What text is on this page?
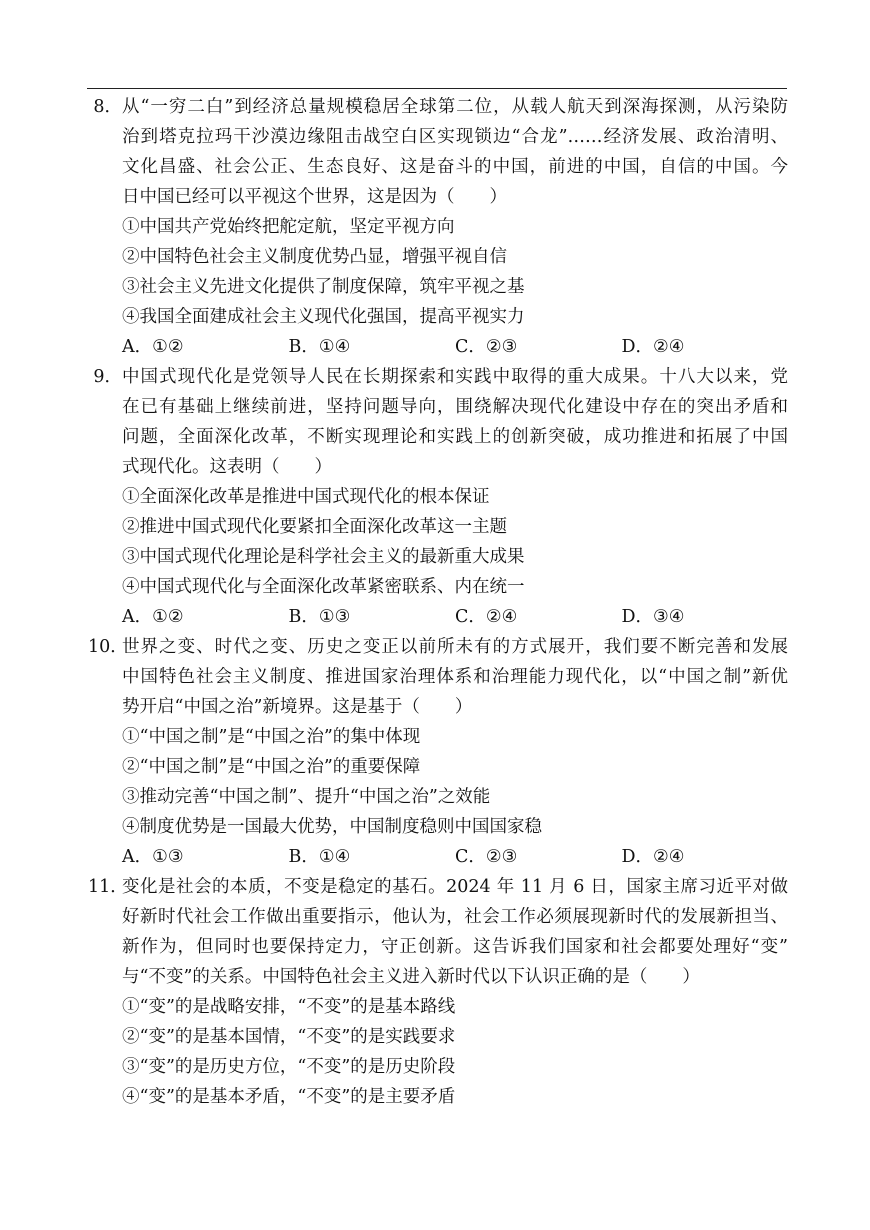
8． 从“一穷二白”到经济总量规模稳居全球第二位，从载人航天到深海探测，从污染防
治到塔克拉玛干沙漠边缘阻击战空白区实现锁边“合龙”……经济发展、政治清明、
文化昌盛、社会公正、生态良好、这是奋斗的中国，前进的中国，自信的中国。今
日中国已经可以平视这个世界，这是因为（　　）
①中国共产党始终把舵定航，坚定平视方向
②中国特色社会主义制度优势凸显，增强平视自信
③社会主义先进文化提供了制度保障，筑牢平视之基
④我国全面建成社会主义现代化强国，提高平视实力
A．①②	B．①④	C．②③	D．②④
9． 中国式现代化是党领导人民在长期探索和实践中取得的重大成果。十八大以来，党
在已有基础上继续前进，坚持问题导向，围绕解决现代化建设中存在的突出矛盾和
问题，全面深化改革，不断实现理论和实践上的创新突破，成功推进和拓展了中国
式现代化。这表明（　　）
①全面深化改革是推进中国式现代化的根本保证
②推进中国式现代化要紧扣全面深化改革这一主题
③中国式现代化理论是科学社会主义的最新重大成果
④中国式现代化与全面深化改革紧密联系、内在统一
A．①②	B．①③	C．②④	D．③④
10．
世界之变、时代之变、历史之变正以前所未有的方式展开，我们要不断完善和发展
中国特色社会主义制度、推进国家治理体系和治理能力现代化，以“中国之制”新优
势开启“中国之治”新境界。这是基于（　　）
①“中国之制”是“中国之治”的集中体现
②“中国之制”是“中国之治”的重要保障
③推动完善“中国之制”、提升“中国之治”之效能
④制度优势是一国最大优势，中国制度稳则中国国家稳
A．①③	B．①④	C．②③	D．②④
11．
变化是社会的本质，不变是稳定的基石。2024 年 11 月 6 日，国家主席习近平对做
好新时代社会工作做出重要指示，他认为，社会工作必须展现新时代的发展新担当、
新作为，但同时也要保持定力，守正创新。这告诉我们国家和社会都要处理好“变”
与“不变”的关系。中国特色社会主义进入新时代以下认识正确的是（　　）
①“变”的是战略安排，“不变”的是基本路线
②“变”的是基本国情，“不变”的是实践要求
③“变”的是历史方位，“不变”的是历史阶段
④“变”的是基本矛盾，“不变”的是主要矛盾
